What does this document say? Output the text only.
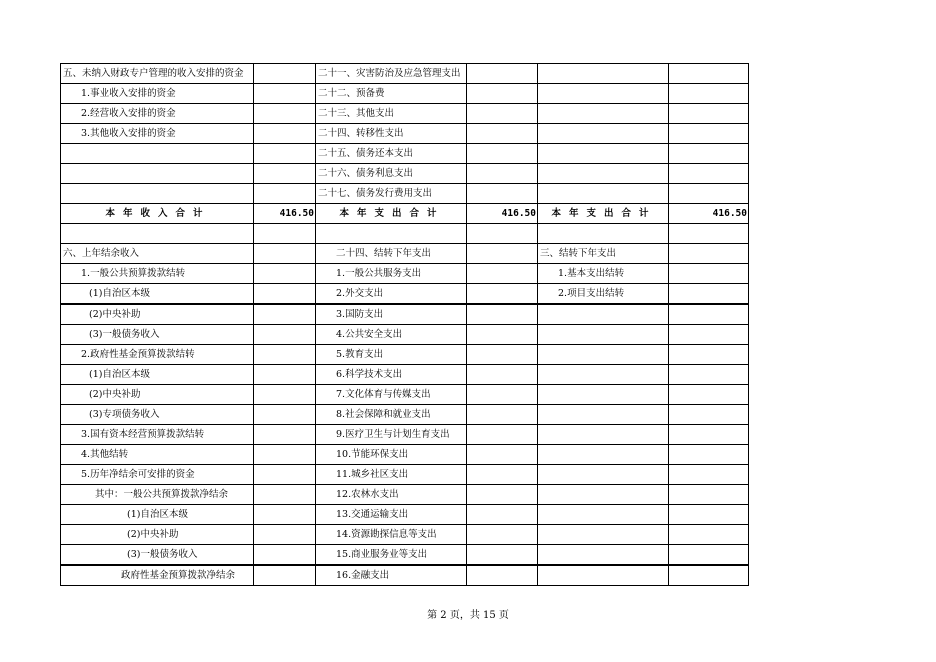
五、未纳入财政专户管理的收入安排的资金		二十一、灾害防治及应急管理支出			
1.事业收入安排的资金		二十二、预备费			
2.经营收入安排的资金		二十三、其他支出			
3.其他收入安排的资金		二十四、转移性支出			
		二十五、债务还本支出			
		二十六、债务利息支出			
		二十七、债务发行费用支出			
本年收入合计	416.50	本年支出合计	416.50	本年支出合计	416.50

六、上年结余收入		二十四、结转下年支出		三、结转下年支出	
1.一般公共预算拨款结转		1.一般公共服务支出		1.基本支出结转	
(1)自治区本级		2.外交支出		2.项目支出结转	
(2)中央补助		3.国防支出			
(3)一般债务收入		4.公共安全支出			
2.政府性基金预算拨款结转		5.教育支出			
(1)自治区本级		6.科学技术支出			
(2)中央补助		7.文化体育与传媒支出			
(3)专项债务收入		8.社会保障和就业支出			
3.国有资本经营预算拨款结转		9.医疗卫生与计划生育支出			
4.其他结转		10.节能环保支出			
5.历年净结余可安排的资金		11.城乡社区支出			
其中：一般公共预算拨款净结余		12.农林水支出			
(1)自治区本级		13.交通运输支出			
(2)中央补助		14.资源勘探信息等支出			
(3)一般债务收入		15.商业服务业等支出			
政府性基金预算拨款净结余		16.金融支出			
第 2 页，共 15 页
